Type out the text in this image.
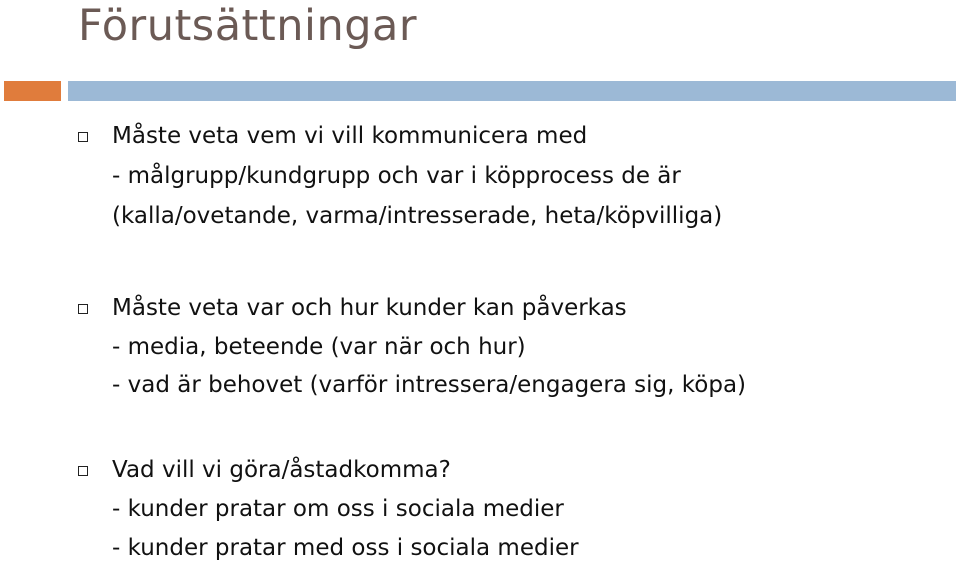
Förutsättningar
Måste veta vem vi vill kommunicera med
- målgrupp/kundgrupp och var i köpprocess de är
(kalla/ovetande, varma/intresserade, heta/köpvilliga)
Måste veta var och hur kunder kan påverkas
- media, beteende (var när och hur)
- vad är behovet (varför intressera/engagera sig, köpa)
Vad vill vi göra/åstadkomma?
- kunder pratar om oss i sociala medier
- kunder pratar med oss i sociala medier
